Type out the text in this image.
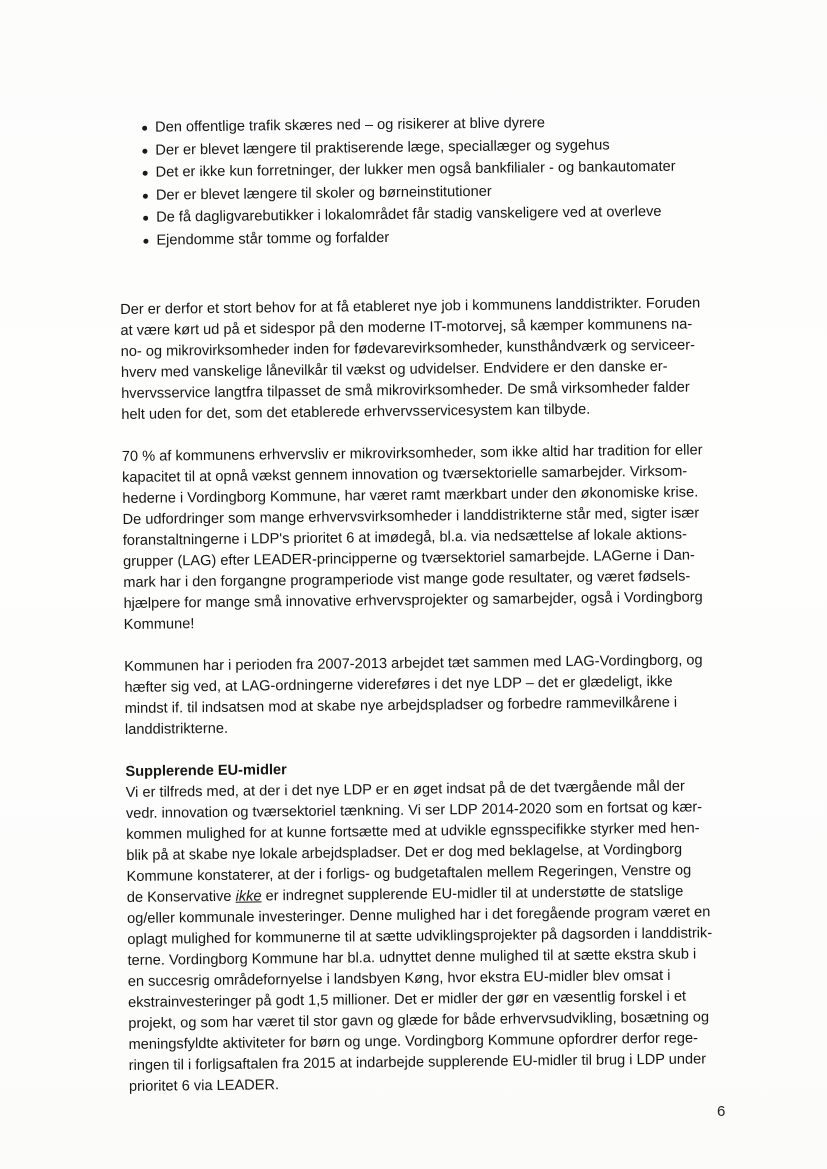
Den offentlige trafik skæres ned – og risikerer at blive dyrere
Der er blevet længere til praktiserende læge, speciallæger og sygehus
Det er ikke kun forretninger, der lukker men også bankfilialer - og bankautomater
Der er blevet længere til skoler og børneinstitutioner
De få dagligvarebutikker i lokalområdet får stadig vanskeligere ved at overleve
Ejendomme står tomme og forfalder
Der er derfor et stort behov for at få etableret nye job i kommunens landdistrikter. Foruden
at være kørt ud på et sidespor på den moderne IT-motorvej, så kæmper kommunens na-
no- og mikrovirksomheder inden for fødevarevirksomheder, kunsthåndværk og serviceer-
hverv med vanskelige lånevilkår til vækst og udvidelser. Endvidere er den danske er-
hvervsservice langtfra tilpasset de små mikrovirksomheder. De små virksomheder falder
helt uden for det, som det etablerede erhvervsservicesystem kan tilbyde.
70 % af kommunens erhvervsliv er mikrovirksomheder, som ikke altid har tradition for eller
kapacitet til at opnå vækst gennem innovation og tværsektorielle samarbejder. Virksom-
hederne i Vordingborg Kommune, har været ramt mærkbart under den økonomiske krise.
De udfordringer som mange erhvervsvirksomheder i landdistrikterne står med, sigter især
foranstaltningerne i LDP's prioritet 6 at imødegå, bl.a. via nedsættelse af lokale aktions-
grupper (LAG) efter LEADER-principperne og tværsektoriel samarbejde. LAGerne i Dan-
mark har i den forgangne programperiode vist mange gode resultater, og været fødsels-
hjælpere for mange små innovative erhvervsprojekter og samarbejder, også i Vordingborg
Kommune!
Kommunen har i perioden fra 2007-2013 arbejdet tæt sammen med LAG-Vordingborg, og
hæfter sig ved, at LAG-ordningerne videreføres i det nye LDP – det er glædeligt, ikke
mindst if. til indsatsen mod at skabe nye arbejdspladser og forbedre rammevilkårene i
landdistrikterne.
Supplerende EU-midler
Vi er tilfreds med, at der i det nye LDP er en øget indsat på de det tværgående mål der
vedr. innovation og tværsektoriel tænkning. Vi ser LDP 2014-2020 som en fortsat og kær-
kommen mulighed for at kunne fortsætte med at udvikle egnsspecifikke styrker med hen-
blik på at skabe nye lokale arbejdspladser. Det er dog med beklagelse, at Vordingborg
Kommune konstaterer, at der i forligs- og budgetaftalen mellem Regeringen, Venstre og
de Konservative ikke er indregnet supplerende EU-midler til at understøtte de statslige
og/eller kommunale investeringer. Denne mulighed har i det foregående program været en
oplagt mulighed for kommunerne til at sætte udviklingsprojekter på dagsorden i landdistrik-
terne. Vordingborg Kommune har bl.a. udnyttet denne mulighed til at sætte ekstra skub i
en succesrig områdefornyelse i landsbyen Køng, hvor ekstra EU-midler blev omsat i
ekstrainvesteringer på godt 1,5 millioner. Det er midler der gør en væsentlig forskel i et
projekt, og som har været til stor gavn og glæde for både erhvervsudvikling, bosætning og
meningsfyldte aktiviteter for børn og unge. Vordingborg Kommune opfordrer derfor rege-
ringen til i forligsaftalen fra 2015 at indarbejde supplerende EU-midler til brug i LDP under
prioritet 6 via LEADER.
6
